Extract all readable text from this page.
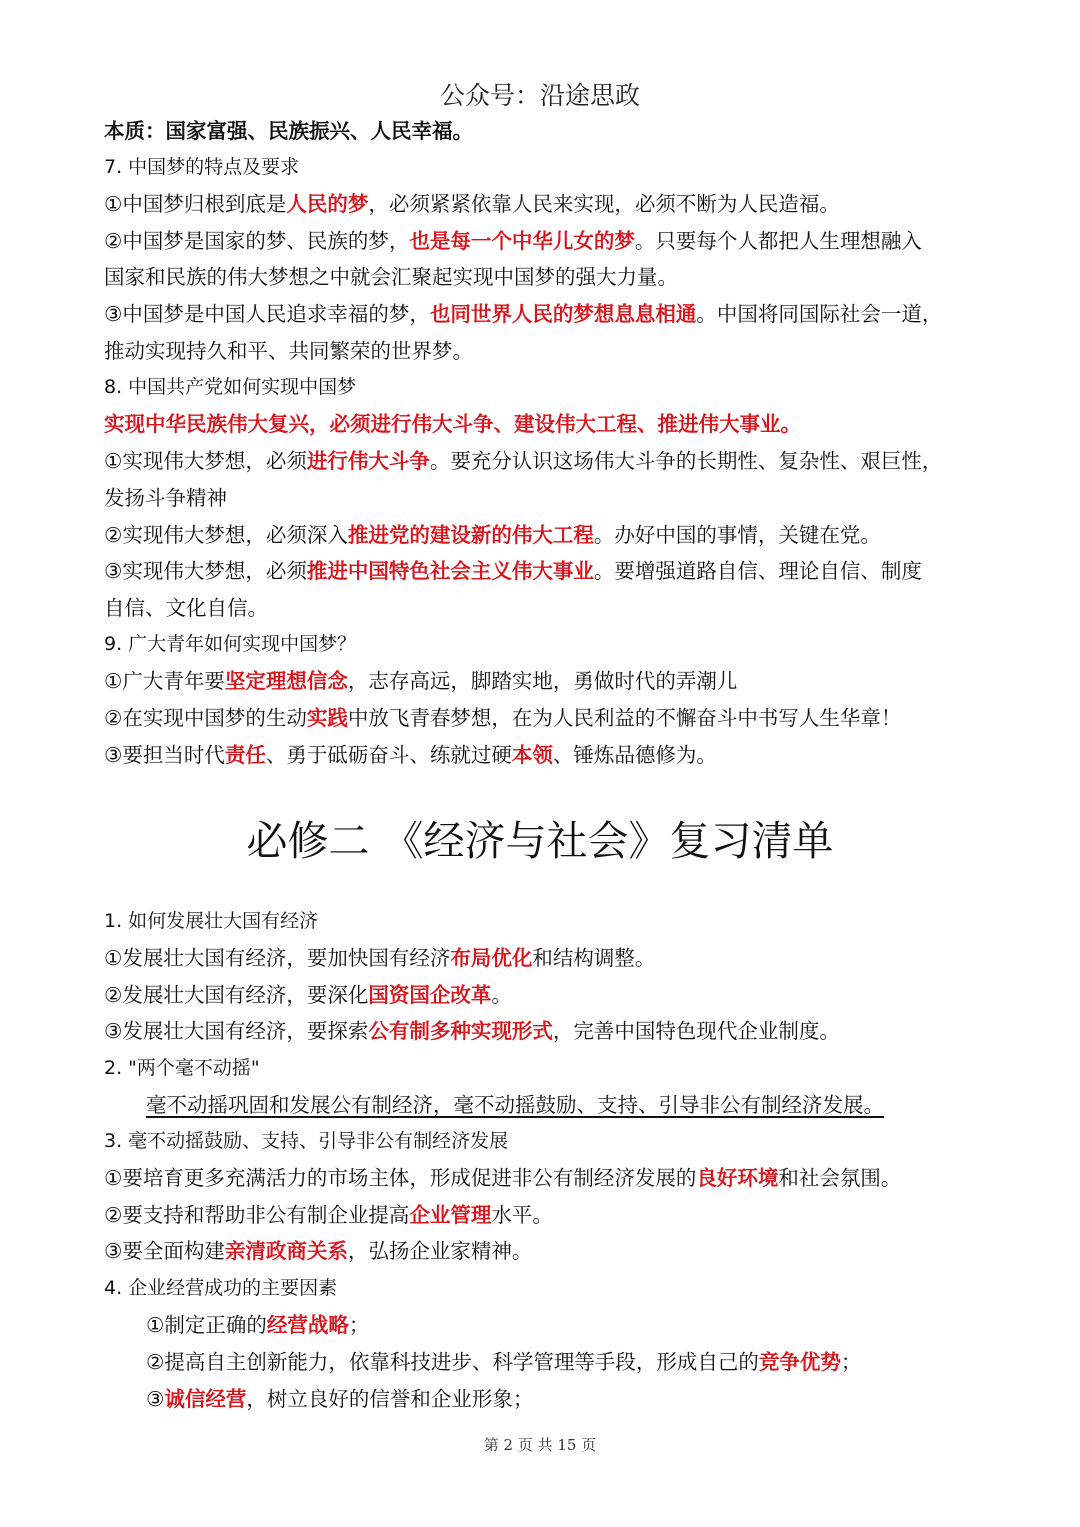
公众号：沿途思政
本质：国家富强、民族振兴、人民幸福。
7. 中国梦的特点及要求
①中国梦归根到底是人民的梦，必须紧紧依靠人民来实现，必须不断为人民造福。
②中国梦是国家的梦、民族的梦，也是每一个中华儿女的梦。只要每个人都把人生理想融入
国家和民族的伟大梦想之中就会汇聚起实现中国梦的强大力量。
③中国梦是中国人民追求幸福的梦，也同世界人民的梦想息息相通。中国将同国际社会一道，
推动实现持久和平、共同繁荣的世界梦。
8. 中国共产党如何实现中国梦
实现中华民族伟大复兴，必须进行伟大斗争、建设伟大工程、推进伟大事业。
①实现伟大梦想，必须进行伟大斗争。要充分认识这场伟大斗争的长期性、复杂性、艰巨性，
发扬斗争精神
②实现伟大梦想，必须深入推进党的建设新的伟大工程。办好中国的事情，关键在党。
③实现伟大梦想，必须推进中国特色社会主义伟大事业。要增强道路自信、理论自信、制度
自信、文化自信。
9. 广大青年如何实现中国梦？
①广大青年要坚定理想信念，志存高远，脚踏实地，勇做时代的弄潮儿
②在实现中国梦的生动实践中放飞青春梦想，在为人民利益的不懈奋斗中书写人生华章！
③要担当时代责任、勇于砥砺奋斗、练就过硬本领、锤炼品德修为。
必修二 《经济与社会》复习清单
1. 如何发展壮大国有经济
①发展壮大国有经济，要加快国有经济布局优化和结构调整。
②发展壮大国有经济，要深化国资国企改革。
③发展壮大国有经济，要探索公有制多种实现形式，完善中国特色现代企业制度。
2. "两个毫不动摇"
毫不动摇巩固和发展公有制经济，毫不动摇鼓励、支持、引导非公有制经济发展。
3. 毫不动摇鼓励、支持、引导非公有制经济发展
①要培育更多充满活力的市场主体，形成促进非公有制经济发展的良好环境和社会氛围。
②要支持和帮助非公有制企业提高企业管理水平。
③要全面构建亲清政商关系，弘扬企业家精神。
4. 企业经营成功的主要因素
①制定正确的经营战略；
②提高自主创新能力，依靠科技进步、科学管理等手段，形成自己的竞争优势；
③诚信经营，树立良好的信誉和企业形象；
第 2 页 共 15 页
